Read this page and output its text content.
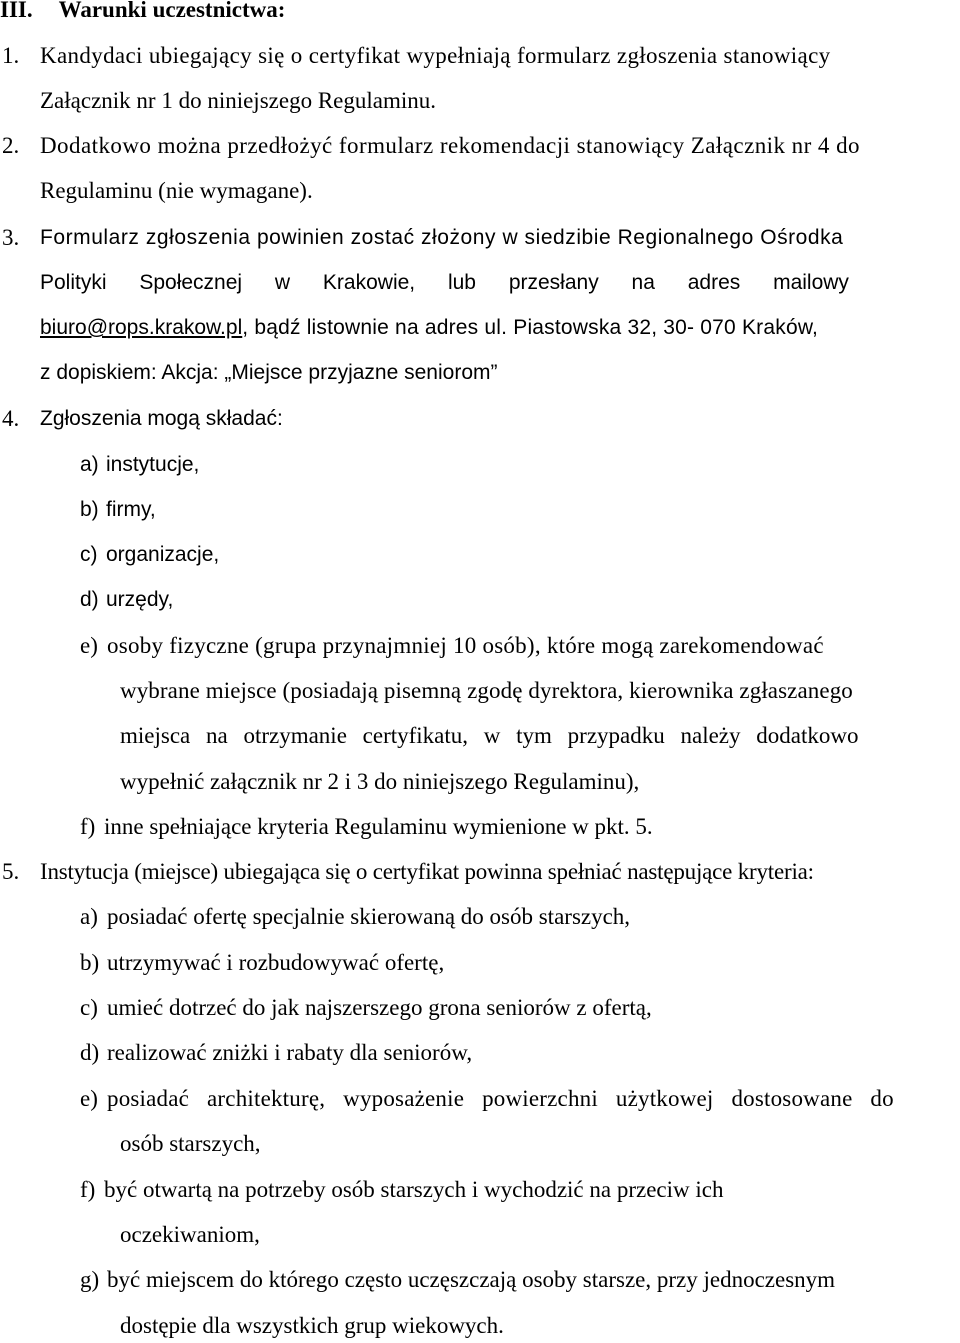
III. Warunki uczestnictwa:
1. Kandydaci ubiegający się o certyfikat wypełniają formularz zgłoszenia stanowiący
Załącznik nr 1 do niniejszego Regulaminu.
2. Dodatkowo można przedłożyć formularz rekomendacji stanowiący Załącznik nr 4 do
Regulaminu (nie wymagane).
3. Formularz zgłoszenia powinien zostać złożony w siedzibie Regionalnego Ośrodka
Polityki Społecznej w Krakowie, lub przesłany na adres mailowy
biuro@rops.krakow.pl, bądź listownie na adres ul. Piastowska 32, 30- 070 Kraków,
z dopiskiem: Akcja: „Miejsce przyjazne seniorom”
4. Zgłoszenia mogą składać:
a) instytucje,
b) firmy,
c) organizacje,
d) urzędy,
e) osoby fizyczne (grupa przynajmniej 10 osób), które mogą zarekomendować
wybrane miejsce (posiadają pisemną zgodę dyrektora, kierownika zgłaszanego
miejsca na otrzymanie certyfikatu, w tym przypadku należy dodatkowo
wypełnić załącznik nr 2 i 3 do niniejszego Regulaminu),
f) inne spełniające kryteria Regulaminu wymienione w pkt. 5.
5. Instytucja (miejsce) ubiegająca się o certyfikat powinna spełniać następujące kryteria:
a) posiadać ofertę specjalnie skierowaną do osób starszych,
b) utrzymywać i rozbudowywać ofertę,
c) umieć dotrzeć do jak najszerszego grona seniorów z ofertą,
d) realizować zniżki i rabaty dla seniorów,
e) posiadać architekturę, wyposażenie powierzchni użytkowej dostosowane do
osób starszych,
f) być otwartą na potrzeby osób starszych i wychodzić na przeciw ich
oczekiwaniom,
g) być miejscem do którego często uczęszczają osoby starsze, przy jednoczesnym
dostępie dla wszystkich grup wiekowych.
